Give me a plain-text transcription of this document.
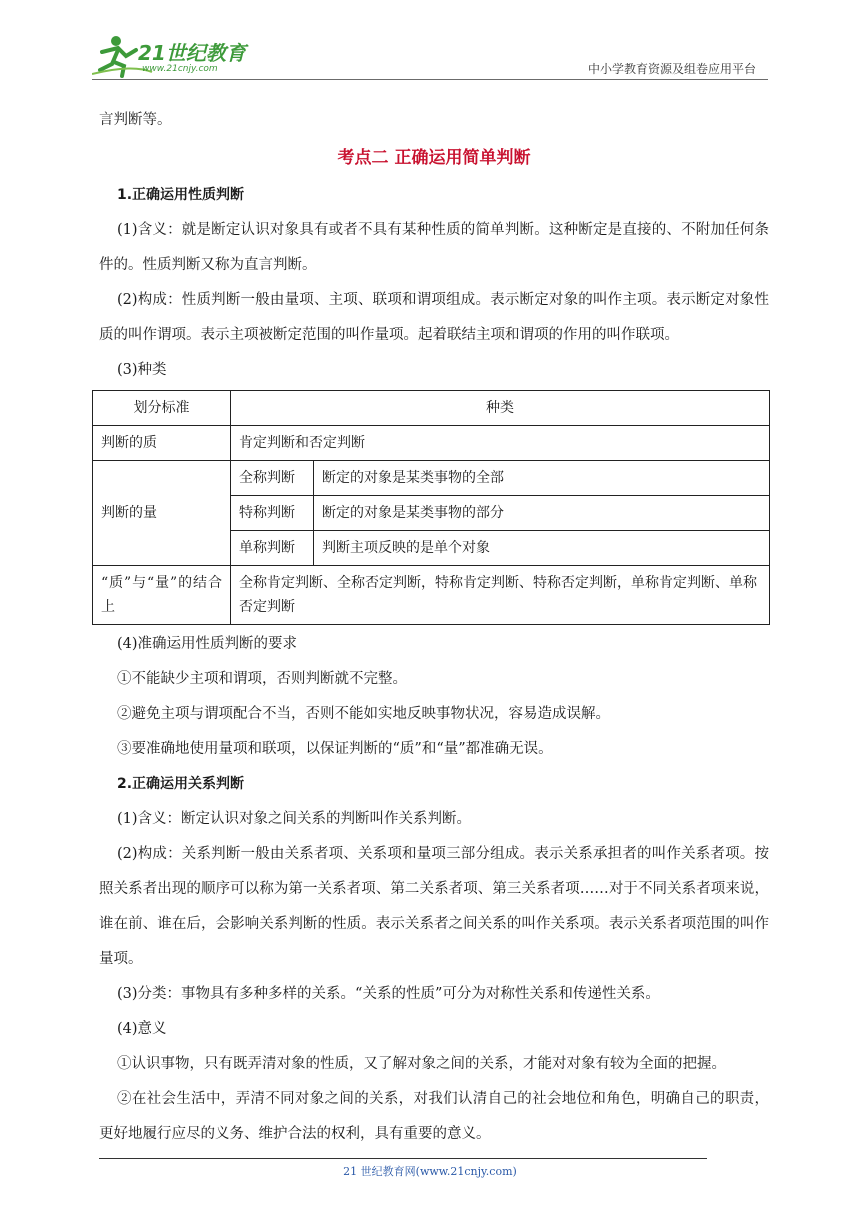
21世纪教育
www.21cnjy.com	中小学教育资源及组卷应用平台

言判断等。

考点二 正确运用简单判断

1.正确运用性质判断

(1)含义：就是断定认识对象具有或者不具有某种性质的简单判断。这种断定是直接的、不附加任何条件的。性质判断又称为直言判断。

(2)构成：性质判断一般由量项、主项、联项和谓项组成。表示断定对象的叫作主项。表示断定对象性质的叫作谓项。表示主项被断定范围的叫作量项。起着联结主项和谓项的作用的叫作联项。

(3)种类

划分标准	种类	
判断的质	肯定判断和否定判断	
判断的量	全称判断	断定的对象是某类事物的全部
	特称判断	断定的对象是某类事物的部分
	单称判断	判断主项反映的是单个对象
“质”与“量”的结合上	全称肯定判断、全称否定判断，特称肯定判断、特称否定判断，单称肯定判断、单称否定判断	

(4)准确运用性质判断的要求

①不能缺少主项和谓项，否则判断就不完整。

②避免主项与谓项配合不当，否则不能如实地反映事物状况，容易造成误解。

③要准确地使用量项和联项，以保证判断的“质”和“量”都准确无误。

2.正确运用关系判断

(1)含义：断定认识对象之间关系的判断叫作关系判断。

(2)构成：关系判断一般由关系者项、关系项和量项三部分组成。表示关系承担者的叫作关系者项。按照关系者出现的顺序可以称为第一关系者项、第二关系者项、第三关系者项……对于不同关系者项来说，谁在前、谁在后，会影响关系判断的性质。表示关系者之间关系的叫作关系项。表示关系者项范围的叫作量项。

(3)分类：事物具有多种多样的关系。“关系的性质”可分为对称性关系和传递性关系。

(4)意义

①认识事物，只有既弄清对象的性质，又了解对象之间的关系，才能对对象有较为全面的把握。

②在社会生活中，弄清不同对象之间的关系，对我们认清自己的社会地位和角色，明确自己的职责，更好地履行应尽的义务、维护合法的权利，具有重要的意义。

21 世纪教育网(www.21cnjy.com)
